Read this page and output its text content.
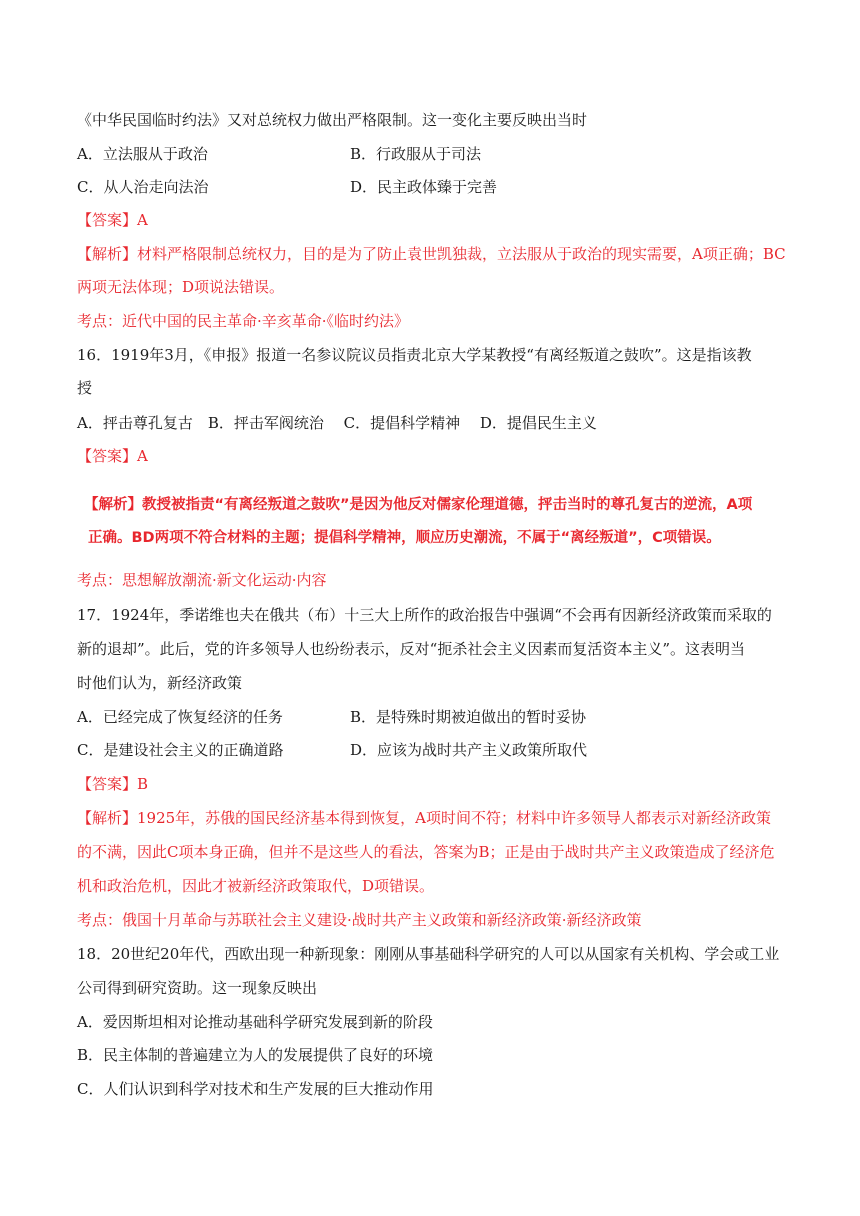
《中华民国临时约法》又对总统权力做出严格限制。这一变化主要反映出当时
A．立法服从于政治	B．行政服从于司法
C．从人治走向法治	D．民主政体臻于完善
【答案】A
【解析】材料严格限制总统权力，目的是为了防止袁世凯独裁，立法服从于政治的现实需要，A项正确；BC
两项无法体现；D项说法错误。
考点：近代中国的民主革命·辛亥革命·《临时约法》
16．1919年3月，《申报》报道一名参议院议员指责北京大学某教授“有离经叛道之鼓吹”。这是指该教
授
A．抨击尊孔复古　B．抨击军阀统治　 C．提倡科学精神　 D．提倡民生主义
【答案】A
【解析】教授被指责“有离经叛道之鼓吹”是因为他反对儒家伦理道德，抨击当时的尊孔复古的逆流，A项
正确。BD两项不符合材料的主题；提倡科学精神，顺应历史潮流，不属于“离经叛道”，C项错误。
考点：思想解放潮流·新文化运动·内容
17．1924年，季诺维也夫在俄共（布）十三大上所作的政治报告中强调“不会再有因新经济政策而采取的
新的退却”。此后，党的许多领导人也纷纷表示，反对“扼杀社会主义因素而复活资本主义”。这表明当
时他们认为，新经济政策
A．已经完成了恢复经济的任务	B．是特殊时期被迫做出的暂时妥协
C．是建设社会主义的正确道路	D．应该为战时共产主义政策所取代
【答案】B
【解析】1925年，苏俄的国民经济基本得到恢复，A项时间不符；材料中许多领导人都表示对新经济政策
的不满，因此C项本身正确，但并不是这些人的看法，答案为B；正是由于战时共产主义政策造成了经济危
机和政治危机，因此才被新经济政策取代，D项错误。
考点：俄国十月革命与苏联社会主义建设·战时共产主义政策和新经济政策·新经济政策
18．20世纪20年代，西欧出现一种新现象：刚刚从事基础科学研究的人可以从国家有关机构、学会或工业
公司得到研究资助。这一现象反映出
A．爱因斯坦相对论推动基础科学研究发展到新的阶段
B．民主体制的普遍建立为人的发展提供了良好的环境
C．人们认识到科学对技术和生产发展的巨大推动作用
